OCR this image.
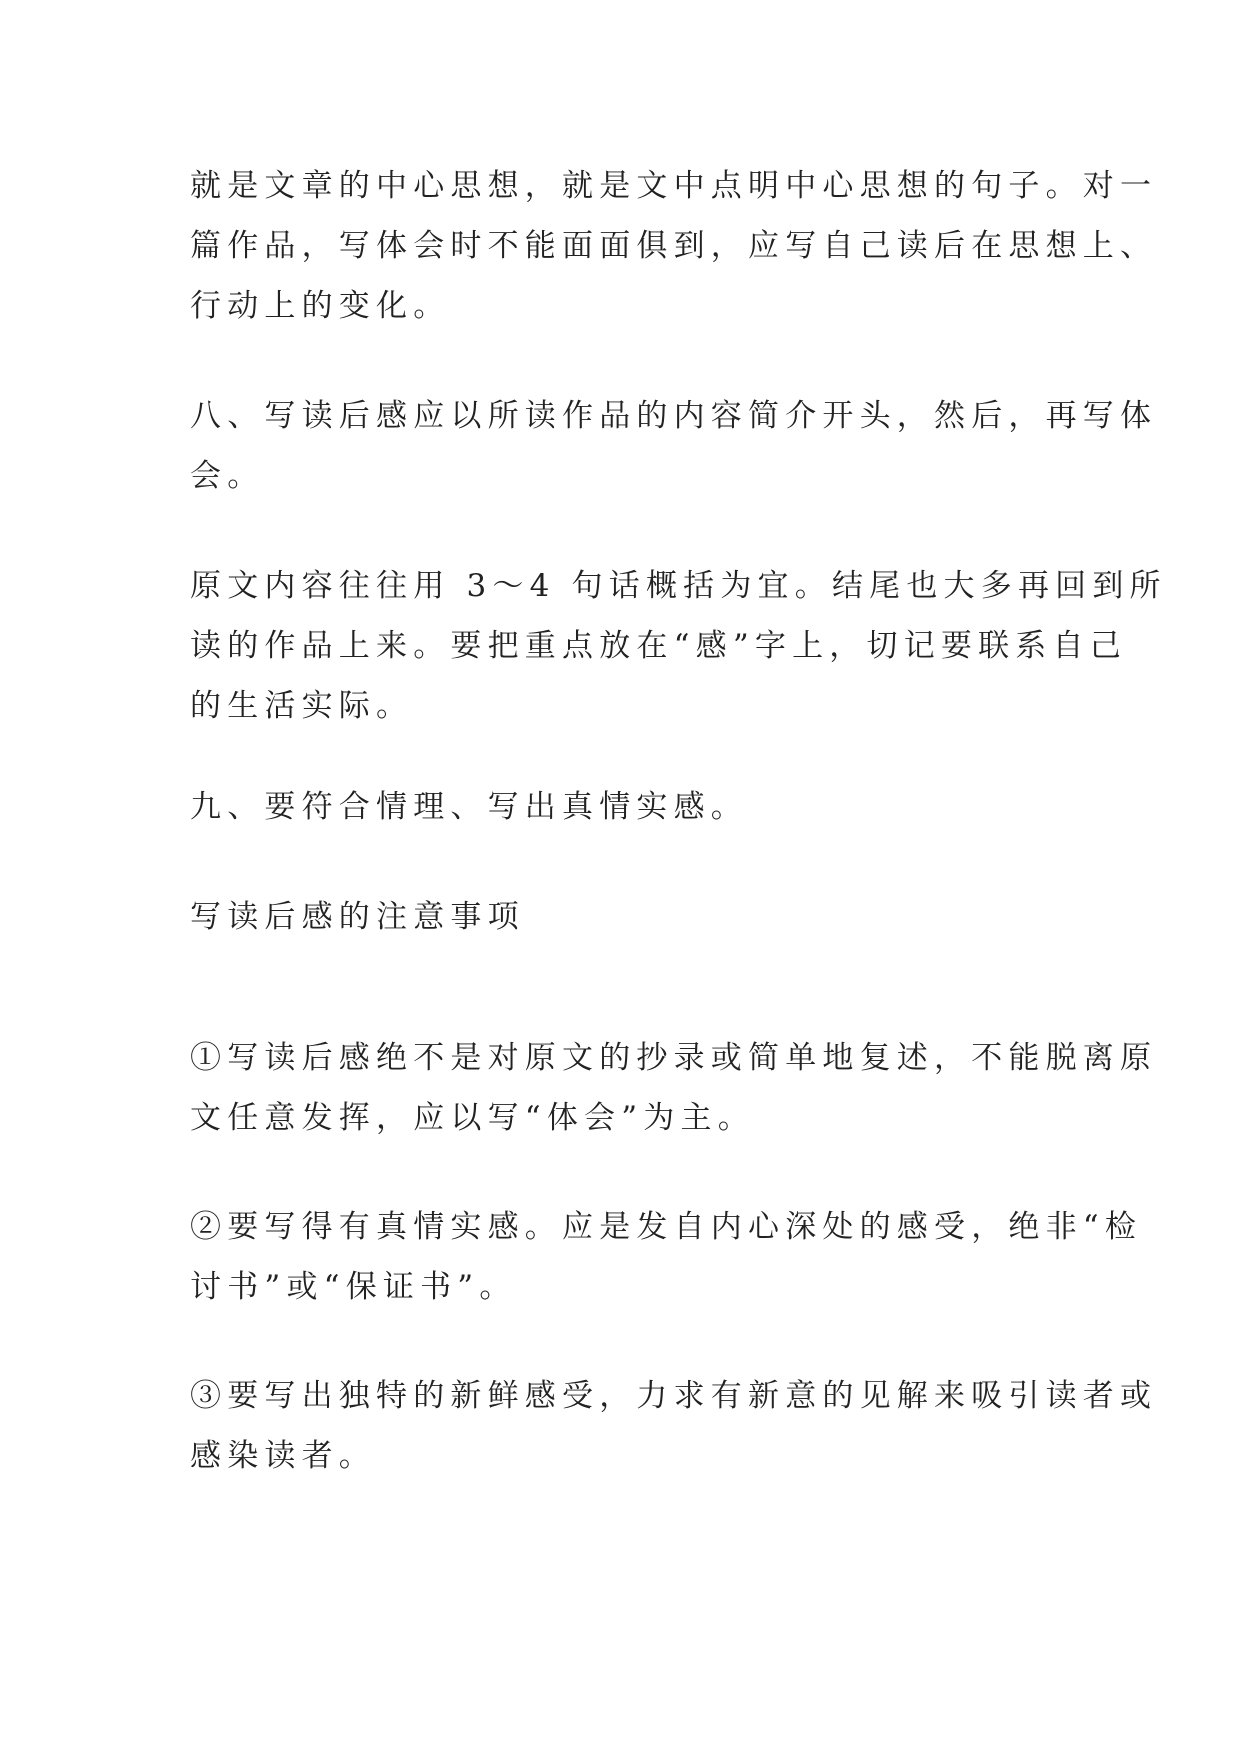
就是文章的中心思想，就是文中点明中心思想的句子。对一
篇作品，写体会时不能面面俱到，应写自己读后在思想上、
行动上的变化。

八、写读后感应以所读作品的内容简介开头，然后，再写体
会。

原文内容往往用 3～4 句话概括为宜。结尾也大多再回到所
读的作品上来。要把重点放在“感”字上，切记要联系自己
的生活实际。

九、要符合情理、写出真情实感。

写读后感的注意事项

①写读后感绝不是对原文的抄录或简单地复述，不能脱离原
文任意发挥，应以写“体会”为主。

②要写得有真情实感。应是发自内心深处的感受，绝非“检
讨书”或“保证书”。

③要写出独特的新鲜感受，力求有新意的见解来吸引读者或
感染读者。
